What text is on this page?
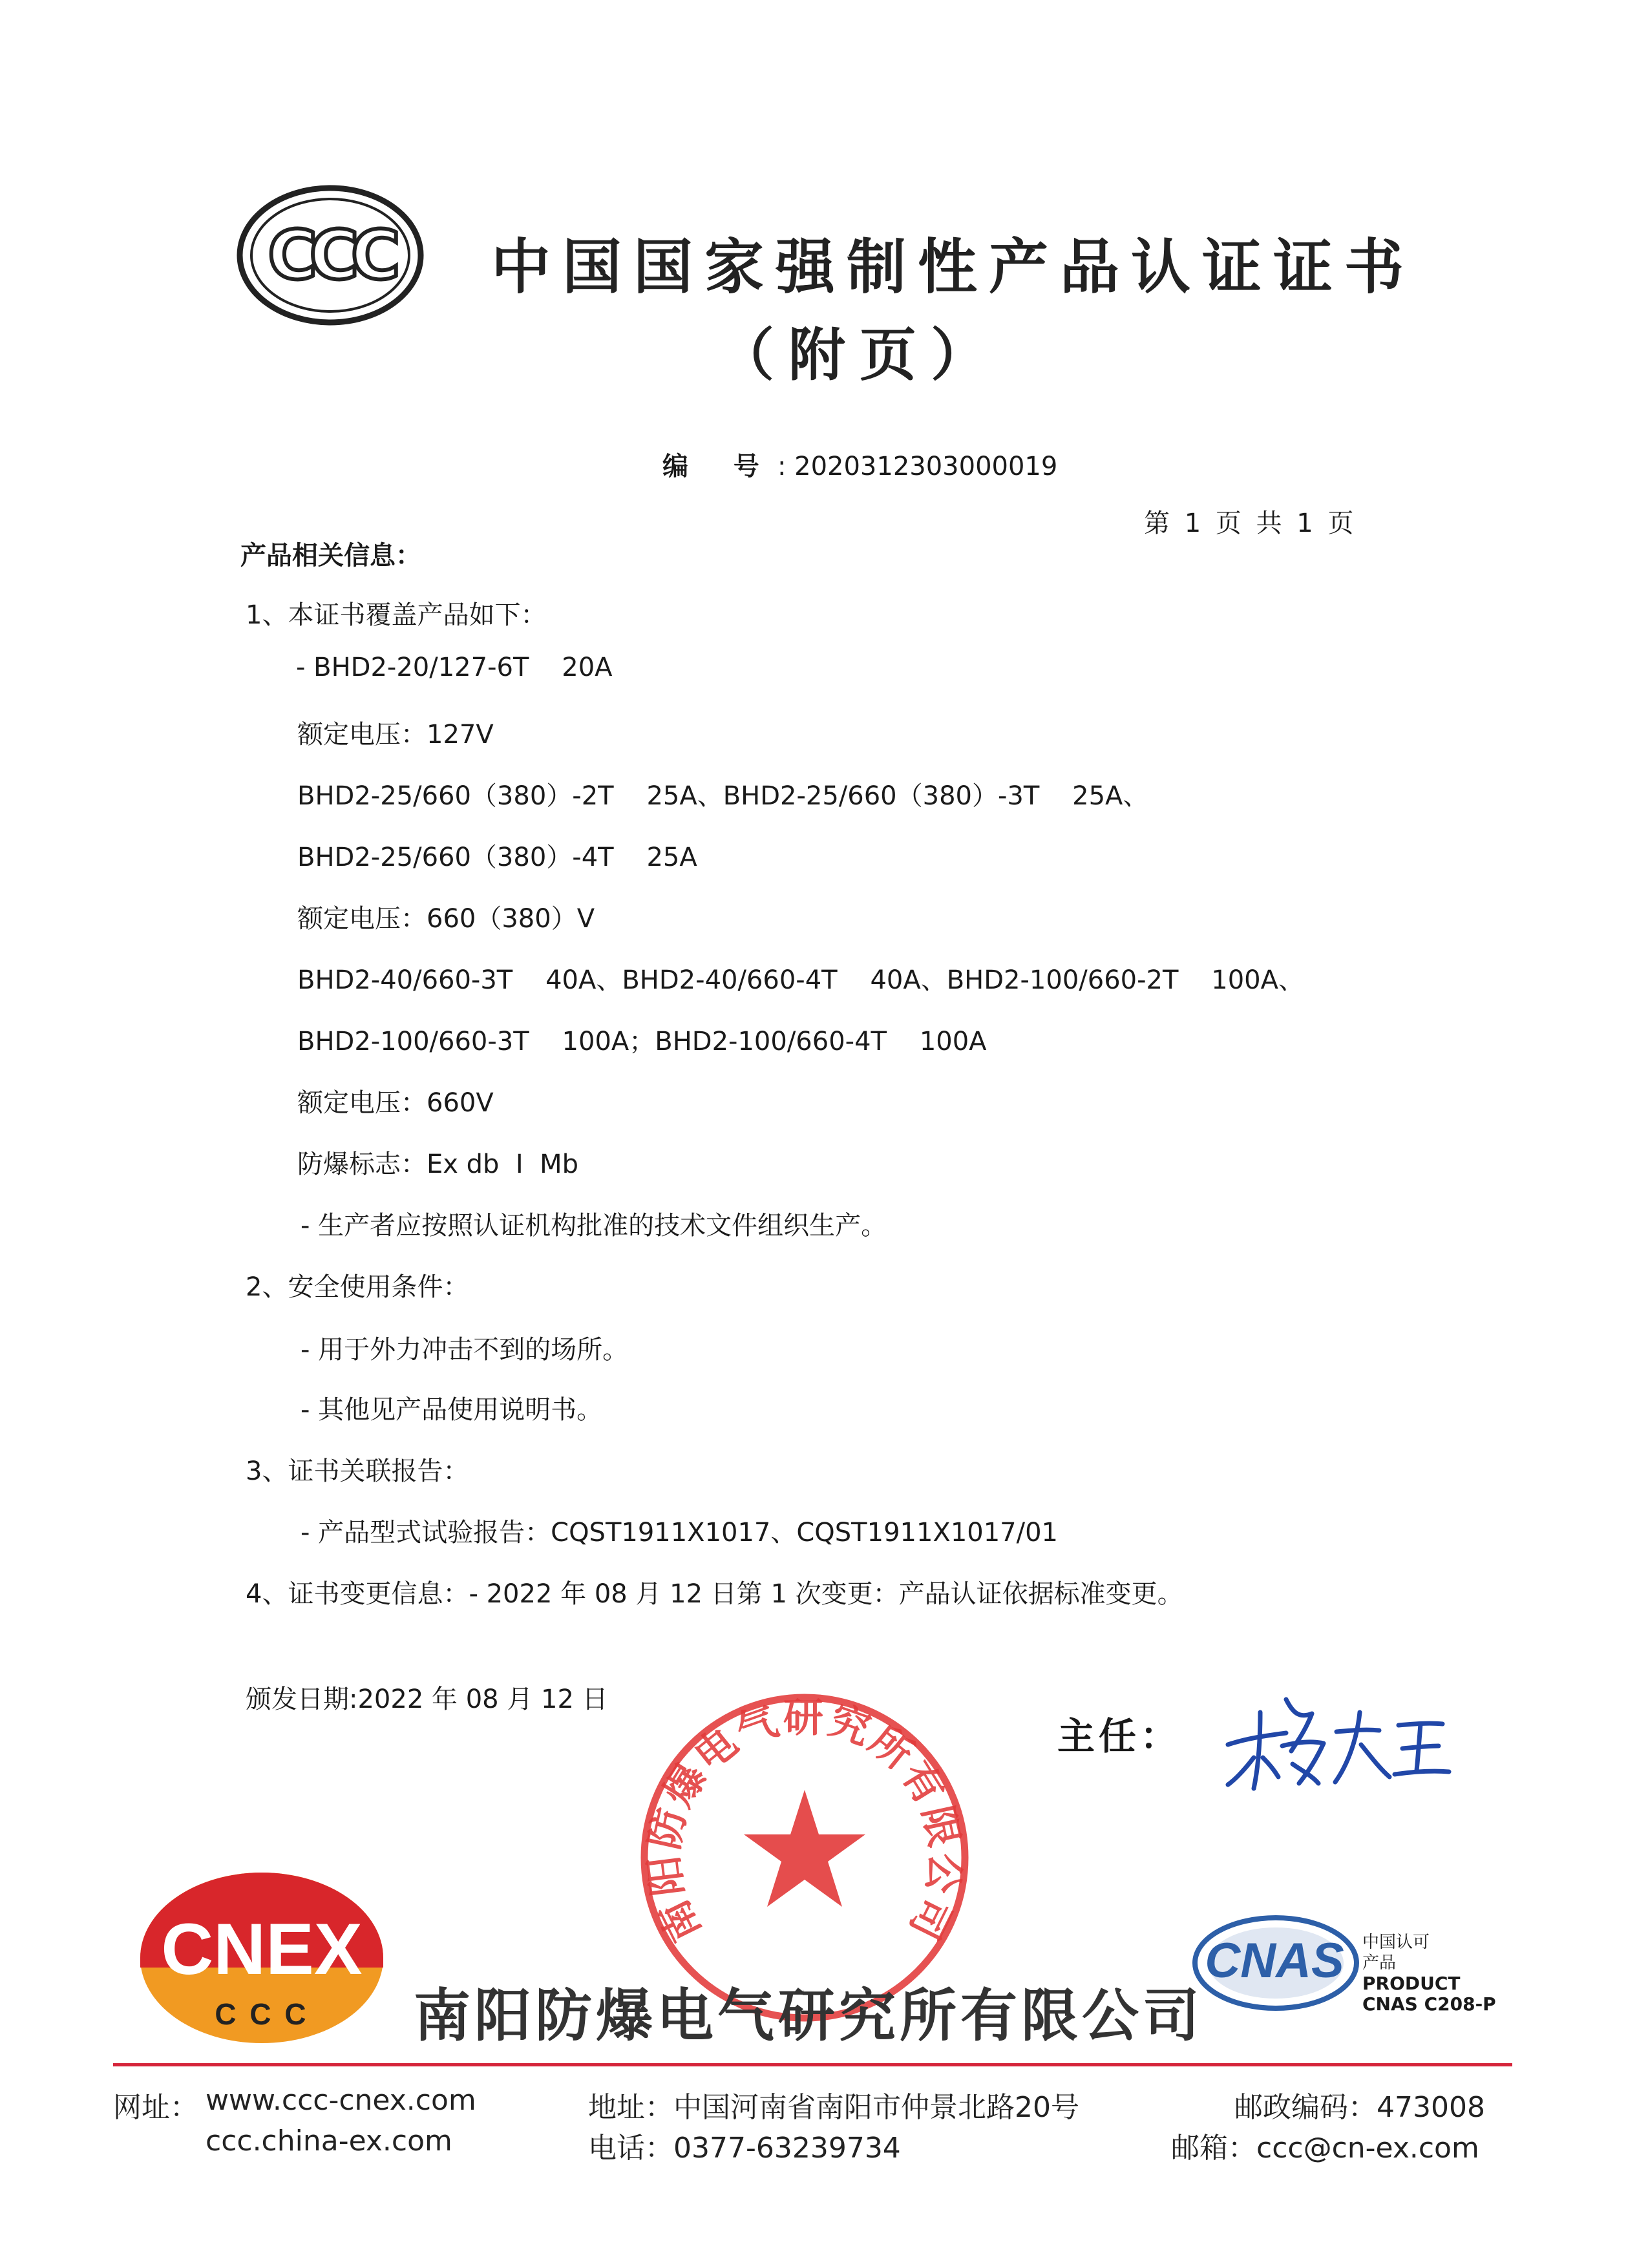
CCC 中国国家强制性产品认证证书
（附页）
编 号: 2020312303000019
第 1 页 共 1 页
产品相关信息：
1、本证书覆盖产品如下：
- BHD2-20/127-6T    20A
额定电压：127V
BHD2-25/660（380）-2T    25A、BHD2-25/660（380）-3T    25A、
BHD2-25/660（380）-4T    25A
额定电压：660（380）V
BHD2-40/660-3T    40A、BHD2-40/660-4T    40A、BHD2-100/660-2T    100A、
BHD2-100/660-3T    100A；BHD2-100/660-4T    100A
额定电压：660V
防爆标志：Ex db  Ⅰ  Mb
- 生产者应按照认证机构批准的技术文件组织生产。
2、安全使用条件：
- 用于外力冲击不到的场所。
- 其他见产品使用说明书。
3、证书关联报告：
- 产品型式试验报告：CQST1911X1017、CQST1911X1017/01
4、证书变更信息：- 2022 年 08 月 12 日第 1 次变更：产品认证依据标准变更。
颁发日期:2022 年 08 月 12 日
主任：
南阳防爆电气研究所有限公司
CNEX
C C C 南阳防爆电气研究所有限公司
CNAS 中国认可
产品
PRODUCT
CNAS C208-P
网址： www.ccc-cnex.com
ccc.china-ex.com
地址：中国河南省南阳市仲景北路20号
电话：0377-63239734
邮政编码：473008
邮箱：ccc@cn-ex.com
